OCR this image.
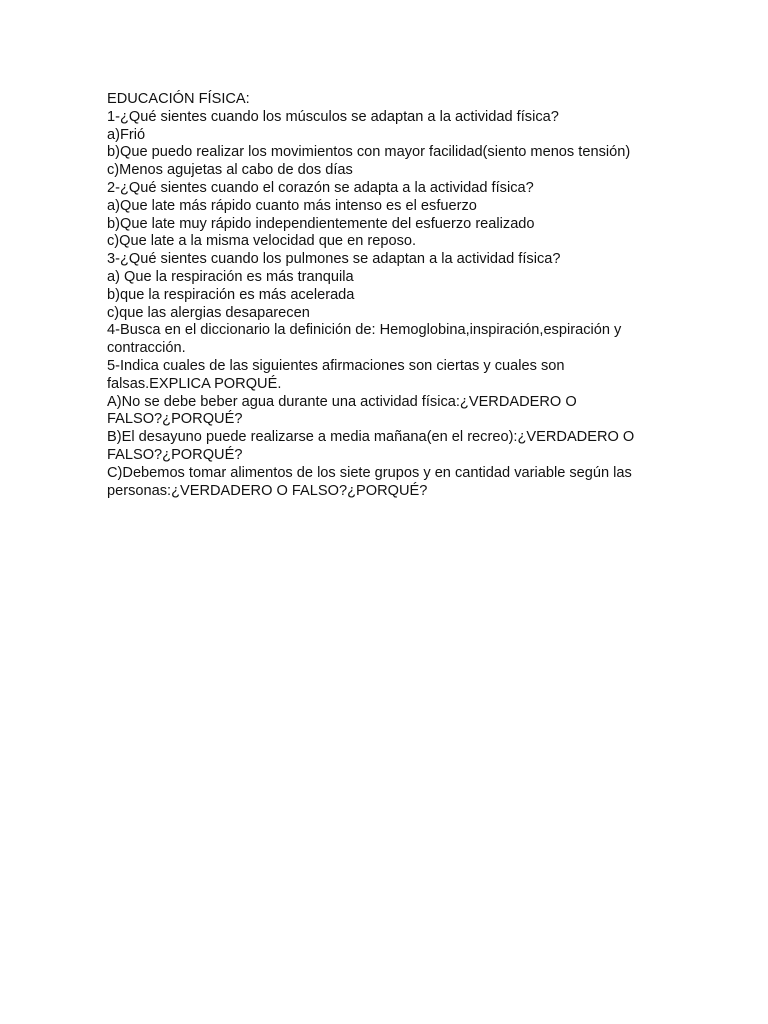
EDUCACIÓN FÍSICA:
1-¿Qué sientes cuando los músculos se adaptan a la actividad física?
a)Frió
b)Que puedo realizar los movimientos con mayor facilidad(siento menos tensión)
c)Menos agujetas al cabo de dos días
2-¿Qué sientes cuando el corazón se adapta a la actividad física?
a)Que late más rápido cuanto más intenso es el esfuerzo
b)Que late muy rápido independientemente del esfuerzo realizado
c)Que late a la misma velocidad que en reposo.
3-¿Qué sientes cuando los pulmones se adaptan a la actividad física?
a) Que la respiración es más tranquila
b)que la respiración es más acelerada
c)que las alergias desaparecen
4-Busca en el diccionario la definición de: Hemoglobina,inspiración,espiración y
contracción.
5-Indica cuales de las siguientes afirmaciones son ciertas y cuales son
falsas.EXPLICA PORQUÉ.
A)No se debe beber agua durante una actividad física:¿VERDADERO O
FALSO?¿PORQUÉ?
B)El desayuno puede realizarse a media mañana(en el recreo):¿VERDADERO O
FALSO?¿PORQUÉ?
C)Debemos tomar alimentos de los siete grupos y en cantidad variable según las
personas:¿VERDADERO O FALSO?¿PORQUÉ?
